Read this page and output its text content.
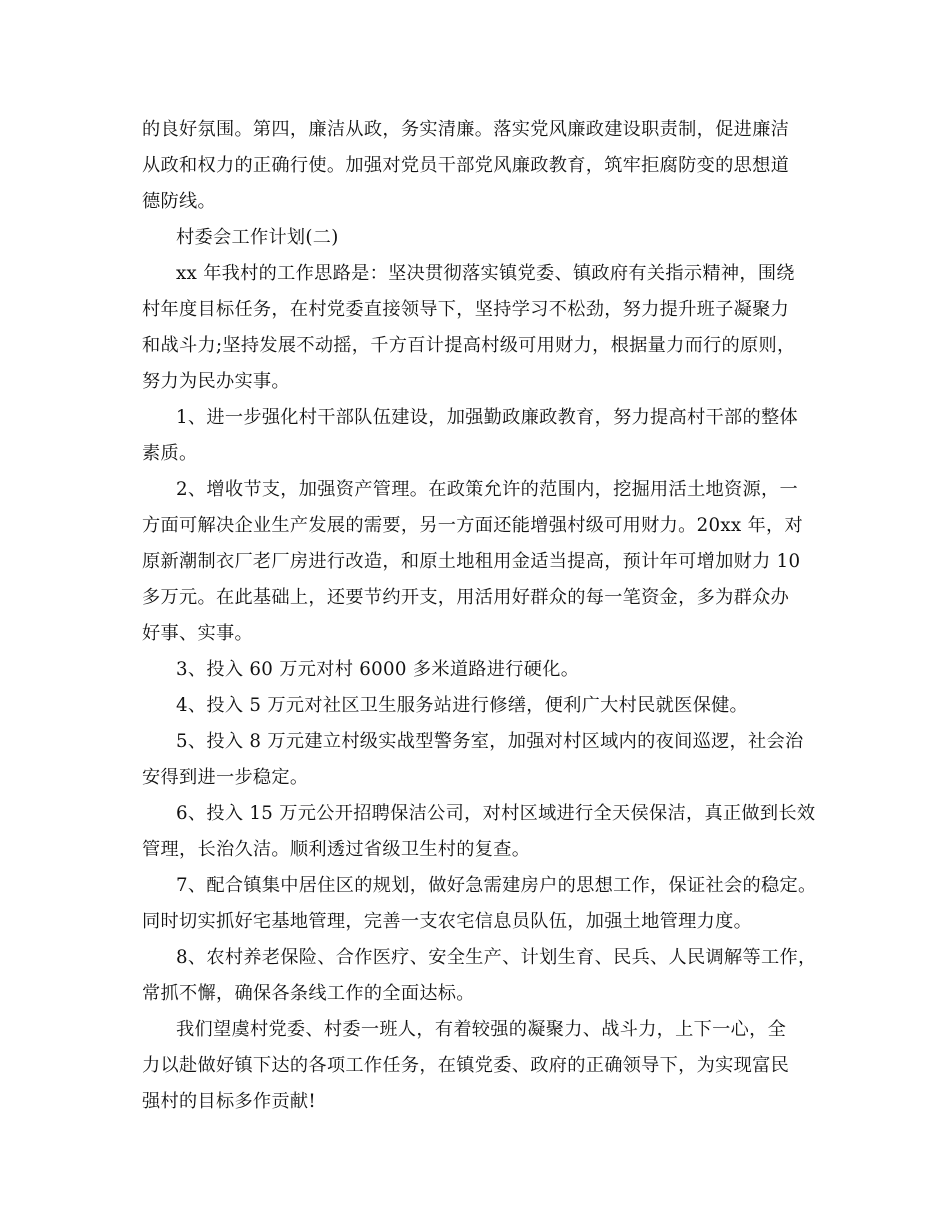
的良好氛围。第四，廉洁从政，务实清廉。落实党风廉政建设职责制，促进廉洁
从政和权力的正确行使。加强对党员干部党风廉政教育，筑牢拒腐防变的思想道
德防线。
村委会工作计划(二)
xx 年我村的工作思路是：坚决贯彻落实镇党委、镇政府有关指示精神，围绕
村年度目标任务，在村党委直接领导下，坚持学习不松劲，努力提升班子凝聚力
和战斗力;坚持发展不动摇，千方百计提高村级可用财力，根据量力而行的原则，
努力为民办实事。
1、进一步强化村干部队伍建设，加强勤政廉政教育，努力提高村干部的整体
素质。
2、增收节支，加强资产管理。在政策允许的范围内，挖掘用活土地资源，一
方面可解决企业生产发展的需要，另一方面还能增强村级可用财力。20xx 年，对
原新潮制衣厂老厂房进行改造，和原土地租用金适当提高，预计年可增加财力 10
多万元。在此基础上，还要节约开支，用活用好群众的每一笔资金，多为群众办
好事、实事。
3、投入 60 万元对村 6000 多米道路进行硬化。
4、投入 5 万元对社区卫生服务站进行修缮，便利广大村民就医保健。
5、投入 8 万元建立村级实战型警务室，加强对村区域内的夜间巡逻，社会治
安得到进一步稳定。
6、投入 15 万元公开招聘保洁公司，对村区域进行全天侯保洁，真正做到长效
管理，长治久洁。顺利透过省级卫生村的复查。
7、配合镇集中居住区的规划，做好急需建房户的思想工作，保证社会的稳定。
同时切实抓好宅基地管理，完善一支农宅信息员队伍，加强土地管理力度。
8、农村养老保险、合作医疗、安全生产、计划生育、民兵、人民调解等工作，
常抓不懈，确保各条线工作的全面达标。
我们望虞村党委、村委一班人，有着较强的凝聚力、战斗力，上下一心，全
力以赴做好镇下达的各项工作任务，在镇党委、政府的正确领导下，为实现富民
强村的目标多作贡献!
